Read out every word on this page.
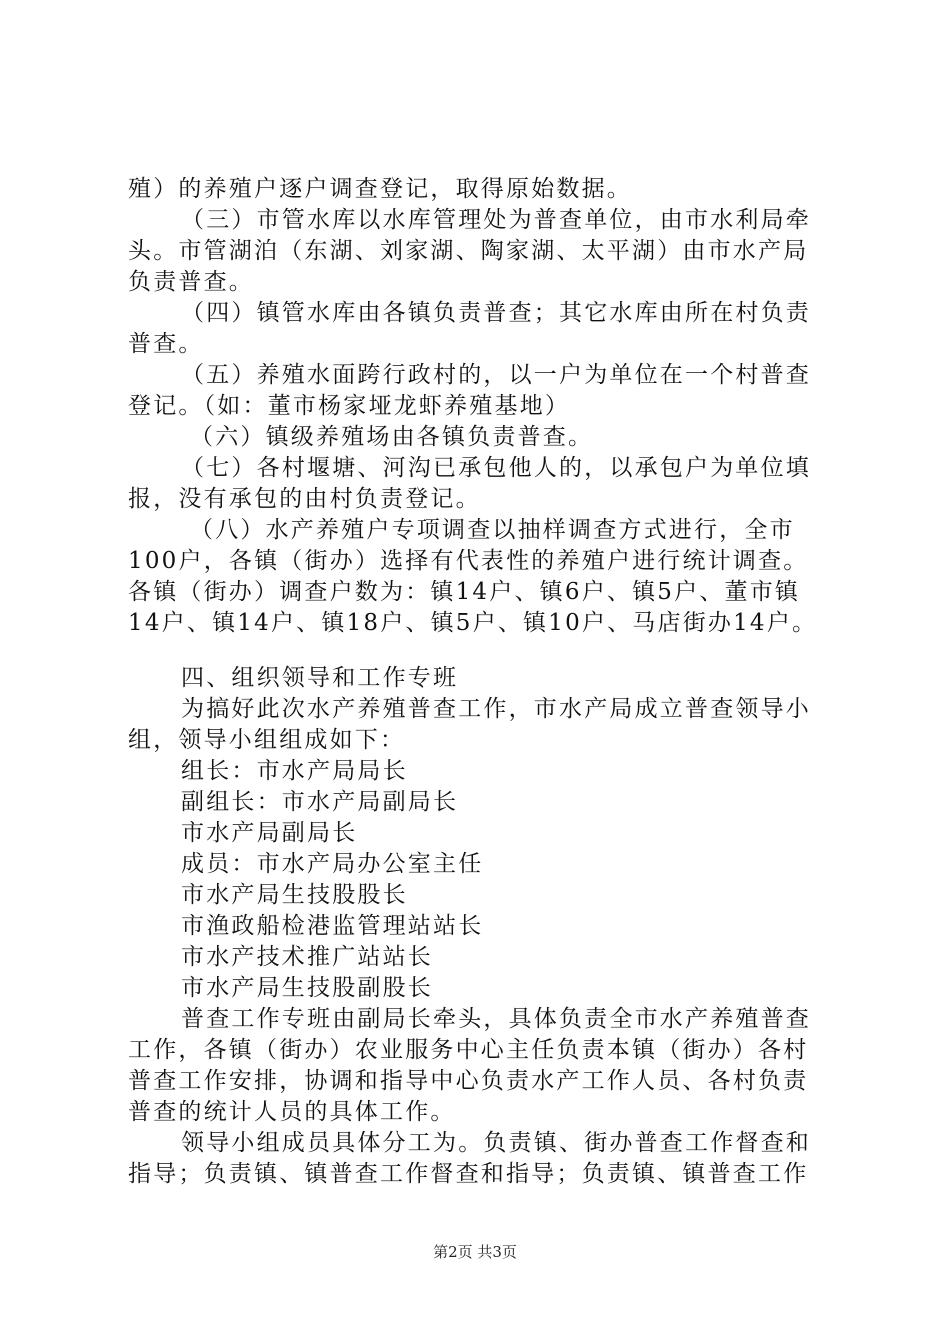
殖）的养殖户逐户调查登记，取得原始数据。
（三）市管水库以水库管理处为普查单位，由市水利局牵
头。市管湖泊（东湖、刘家湖、陶家湖、太平湖）由市水产局
负责普查。
（四）镇管水库由各镇负责普查；其它水库由所在村负责
普查。
（五）养殖水面跨行政村的，以一户为单位在一个村普查
登记。（如：董市杨家垭龙虾养殖基地）
（六）镇级养殖场由各镇负责普查。
（七）各村堰塘、河沟已承包他人的，以承包户为单位填
报，没有承包的由村负责登记。
（八）水产养殖户专项调查以抽样调查方式进行，全市
100户，各镇（街办）选择有代表性的养殖户进行统计调查。
各镇（街办）调查户数为：镇14户、镇6户、镇5户、董市镇
14户、镇14户、镇18户、镇5户、镇10户、马店街办14户。
四、组织领导和工作专班
为搞好此次水产养殖普查工作，市水产局成立普查领导小
组，领导小组组成如下：
组长：市水产局局长
副组长：市水产局副局长
市水产局副局长
成员：市水产局办公室主任
市水产局生技股股长
市渔政船检港监管理站站长
市水产技术推广站站长
市水产局生技股副股长
普查工作专班由副局长牵头，具体负责全市水产养殖普查
工作，各镇（街办）农业服务中心主任负责本镇（街办）各村
普查工作安排，协调和指导中心负责水产工作人员、各村负责
普查的统计人员的具体工作。
领导小组成员具体分工为。负责镇、街办普查工作督查和
指导；负责镇、镇普查工作督查和指导；负责镇、镇普查工作
第2页 共3页
